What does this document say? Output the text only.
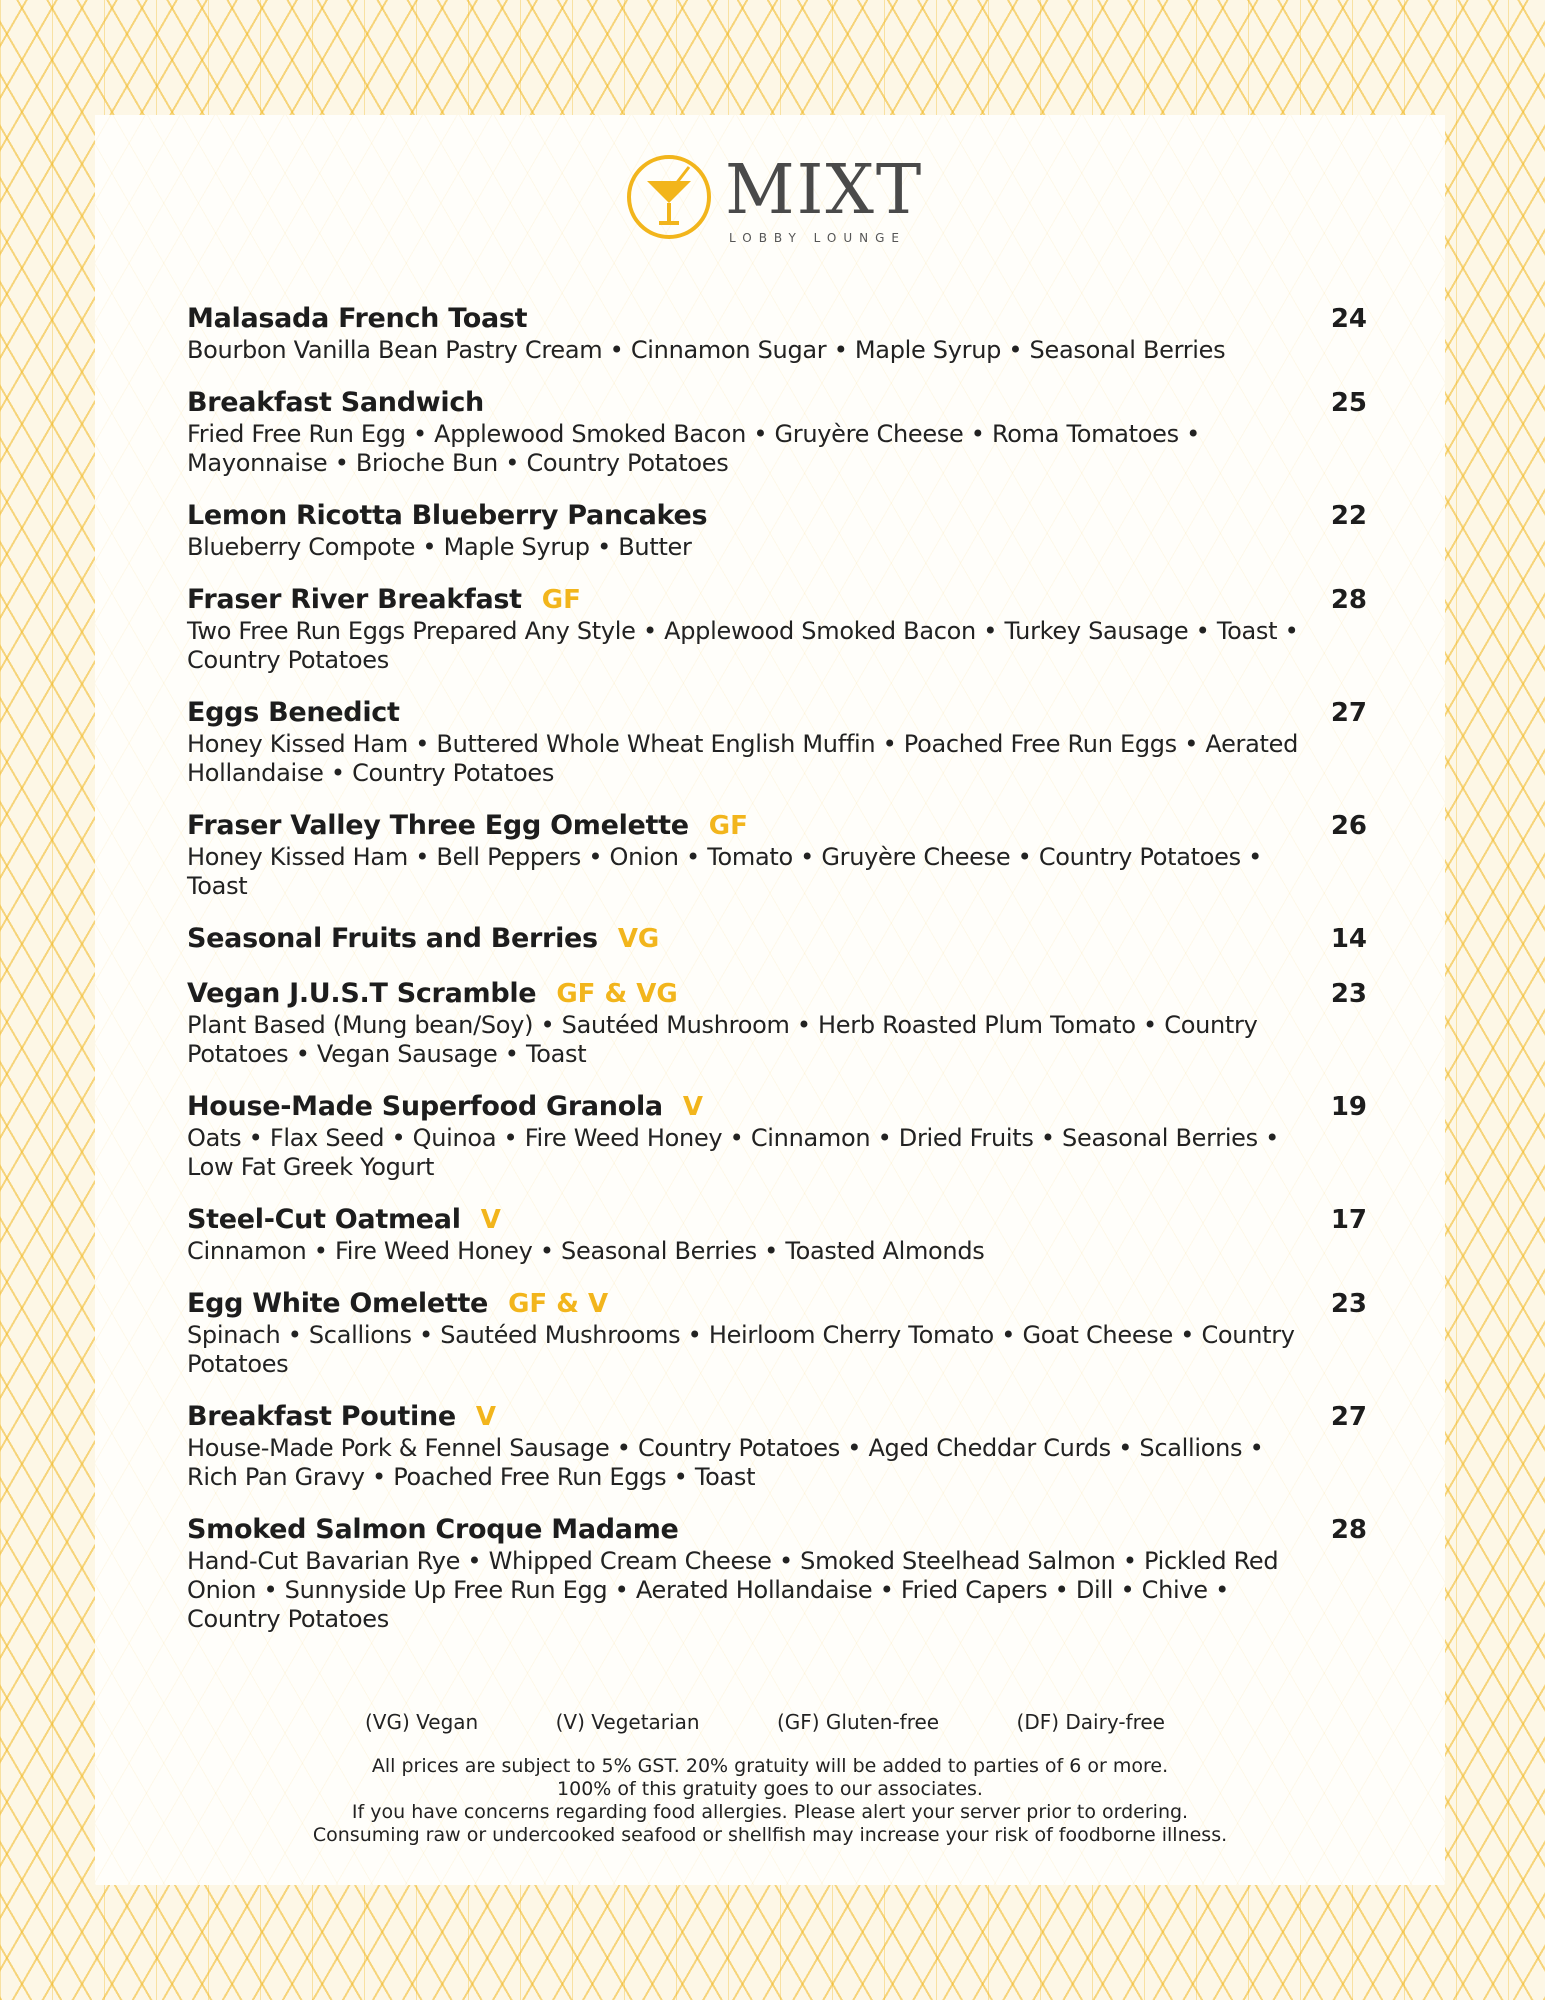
MIXT
LOBBY LOUNGE
Malasada French Toast	24
Bourbon Vanilla Bean Pastry Cream • Cinnamon Sugar • Maple Syrup • Seasonal Berries
Breakfast Sandwich	25
Fried Free Run Egg • Applewood Smoked Bacon • Gruyère Cheese • Roma Tomatoes • Mayonnaise • Brioche Bun • Country Potatoes
Lemon Ricotta Blueberry Pancakes	22
Blueberry Compote • Maple Syrup • Butter
Fraser River Breakfast GF	28
Two Free Run Eggs Prepared Any Style • Applewood Smoked Bacon • Turkey Sausage • Toast • Country Potatoes
Eggs Benedict	27
Honey Kissed Ham • Buttered Whole Wheat English Muffin • Poached Free Run Eggs • Aerated Hollandaise • Country Potatoes
Fraser Valley Three Egg Omelette GF	26
Honey Kissed Ham • Bell Peppers • Onion • Tomato • Gruyère Cheese • Country Potatoes • Toast
Seasonal Fruits and Berries VG	14
Vegan J.U.S.T Scramble GF & VG	23
Plant Based (Mung bean/Soy) • Sautéed Mushroom • Herb Roasted Plum Tomato • Country Potatoes • Vegan Sausage • Toast
House-Made Superfood Granola V	19
Oats • Flax Seed • Quinoa • Fire Weed Honey • Cinnamon • Dried Fruits • Seasonal Berries • Low Fat Greek Yogurt
Steel-Cut Oatmeal V	17
Cinnamon • Fire Weed Honey • Seasonal Berries • Toasted Almonds
Egg White Omelette GF & V	23
Spinach • Scallions • Sautéed Mushrooms • Heirloom Cherry Tomato • Goat Cheese • Country Potatoes
Breakfast Poutine V	27
House-Made Pork & Fennel Sausage • Country Potatoes • Aged Cheddar Curds • Scallions • Rich Pan Gravy • Poached Free Run Eggs • Toast
Smoked Salmon Croque Madame	28
Hand-Cut Bavarian Rye • Whipped Cream Cheese • Smoked Steelhead Salmon • Pickled Red Onion • Sunnyside Up Free Run Egg • Aerated Hollandaise • Fried Capers • Dill • Chive • Country Potatoes
(VG) Vegan	(V) Vegetarian	(GF) Gluten-free	(DF) Dairy-free
All prices are subject to 5% GST. 20% gratuity will be added to parties of 6 or more.
100% of this gratuity goes to our associates.
If you have concerns regarding food allergies. Please alert your server prior to ordering.
Consuming raw or undercooked seafood or shellfish may increase your risk of foodborne illness.
